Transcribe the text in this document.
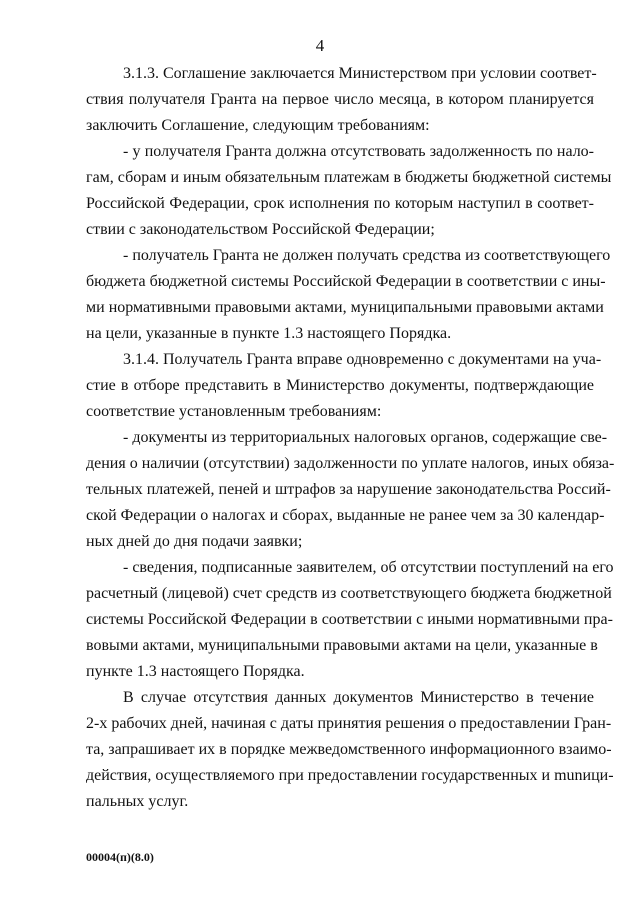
4
3.1.3. Соглашение заключается Министерством при условии соответ-
ствия получателя Гранта на первое число месяца, в котором планируется
заключить Соглашение, следующим требованиям:
- у получателя Гранта должна отсутствовать задолженность по нало-
гам, сборам и иным обязательным платежам в бюджеты бюджетной системы
Российской Федерации, срок исполнения по которым наступил в соответ-
ствии с законодательством Российской Федерации;
- получатель Гранта не должен получать средства из соответствующего
бюджета бюджетной системы Российской Федерации в соответствии с ины-
ми нормативными правовыми актами, муниципальными правовыми актами
на цели, указанные в пункте 1.3 настоящего Порядка.
3.1.4. Получатель Гранта вправе одновременно с документами на уча-
стие в отборе представить в Министерство документы, подтверждающие
соответствие установленным требованиям:
- документы из территориальных налоговых органов, содержащие све-
дения о наличии (отсутствии) задолженности по уплате налогов, иных обяза-
тельных платежей, пеней и штрафов за нарушение законодательства Россий-
ской Федерации о налогах и сборах, выданные не ранее чем за 30 календар-
ных дней до дня подачи заявки;
- сведения, подписанные заявителем, об отсутствии поступлений на его
расчетный (лицевой) счет средств из соответствующего бюджета бюджетной
системы Российской Федерации в соответствии с иными нормативными пра-
вовыми актами, муниципальными правовыми актами на цели, указанные в
пункте 1.3 настоящего Порядка.
В случае отсутствия данных документов Министерство в течение
2-х рабочих дней, начиная с даты принятия решения о предоставлении Гран-
та, запрашивает их в порядке межведомственного информационного взаимо-
действия, осуществляемого при предоставлении государственных и munици-
пальных услуг.
00004(п)(8.0)
